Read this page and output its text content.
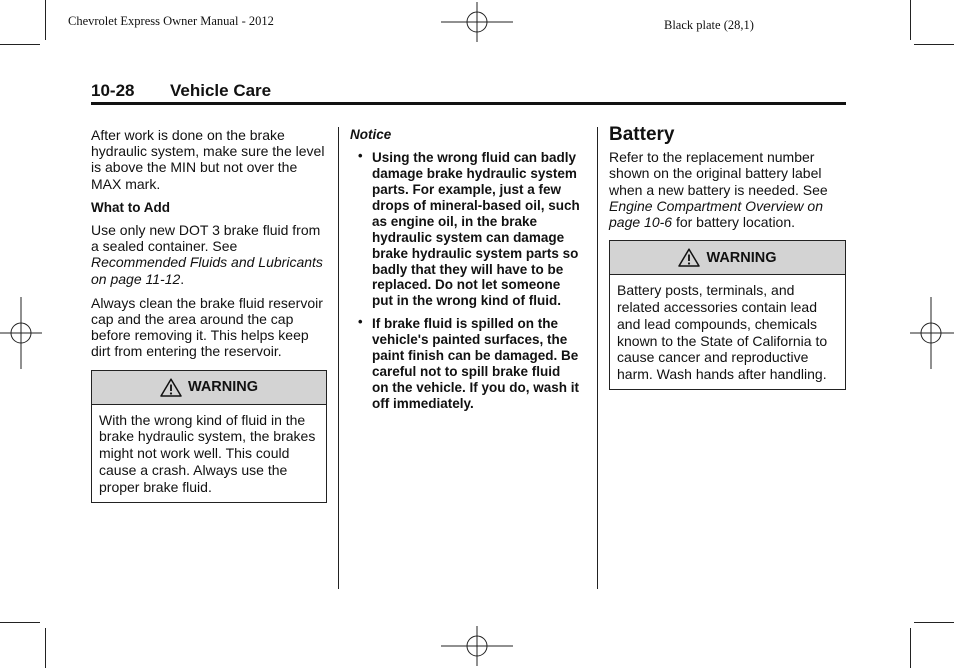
Chevrolet Express Owner Manual - 2012	Black plate (28,1)
10-28 Vehicle Care

After work is done on the brake hydraulic system, make sure the level is above the MIN but not over the MAX mark.

What to Add

Use only new DOT 3 brake fluid from a sealed container. See Recommended Fluids and Lubricants on page 11-12.

Always clean the brake fluid reservoir cap and the area around the cap before removing it. This helps keep dirt from entering the reservoir.

WARNING
With the wrong kind of fluid in the brake hydraulic system, the brakes might not work well. This could cause a crash. Always use the proper brake fluid.
Notice
• Using the wrong fluid can badly damage brake hydraulic system parts. For example, just a few drops of mineral-based oil, such as engine oil, in the brake hydraulic system can damage brake hydraulic system parts so badly that they will have to be replaced. Do not let someone put in the wrong kind of fluid.
• If brake fluid is spilled on the vehicle's painted surfaces, the paint finish can be damaged. Be careful not to spill brake fluid on the vehicle. If you do, wash it off immediately.
Battery

Refer to the replacement number shown on the original battery label when a new battery is needed. See Engine Compartment Overview on page 10-6 for battery location.

WARNING
Battery posts, terminals, and related accessories contain lead and lead compounds, chemicals known to the State of California to cause cancer and reproductive harm. Wash hands after handling.
